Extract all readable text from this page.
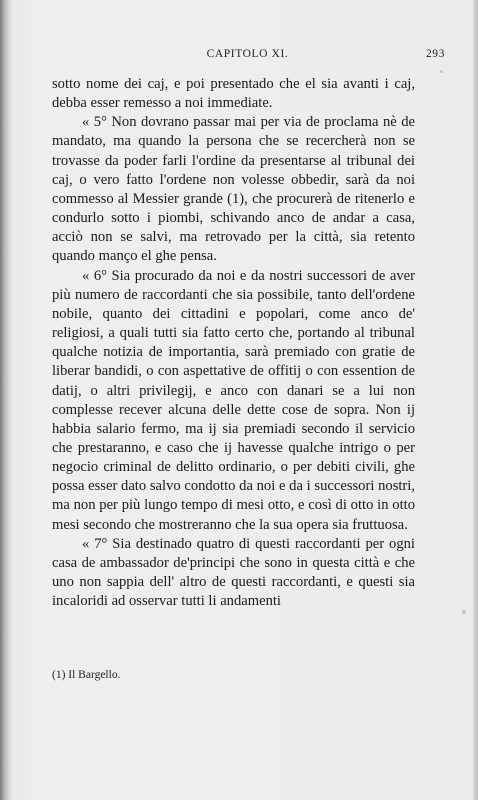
CAPITOLO XI.	293

sotto nome dei caj, e poi presentado che el sia avanti i caj, debba esser remesso a noi immediate.

« 5° Non dovrano passar mai per via de proclama nè de mandato, ma quando la persona che se recercherà non se trovasse da poder farli l'ordine da presentarse al tribunal dei caj, o vero fatto l'ordene non volesse obbedir, sarà da noi commesso al Messier grande (1), che procurerà de ritenerlo e condurlo sotto i piombi, schivando anco de andar a casa, acciò non se salvi, ma retrovado per la città, sia retento quando manço el ghe pensa.

« 6° Sia procurado da noi e da nostri successori de aver più numero de raccordanti che sia possibile, tanto dell'ordene nobile, quanto dei cittadini e popolari, come anco de' religiosi, a quali tutti sia fatto certo che, portando al tribunal qualche notizia de importantia, sarà premiado con gratie de liberar bandidi, o con aspettative de offitij o con essention de datij, o altri privilegij, e anco con danari se a lui non complesse recever alcuna delle dette cose de sopra. Non ij habbia salario fermo, ma ij sia premiadi secondo il servicio che prestaranno, e caso che ij havesse qualche intrigo o per negocio criminal de delitto ordinario, o per debiti civili, ghe possa esser dato salvo condotto da noi e da i successori nostri, ma non per più lungo tempo di mesi otto, e così di otto in otto mesi secondo che mostreranno che la sua opera sia fruttuosa.

« 7° Sia destinado quatro di questi raccordanti per ogni casa de ambassador de'principi che sono in questa città e che uno non sappia dell' altro de questi raccordanti, e questi sia incaloridi ad osservar tutti li andamenti

(1) Il Bargello.
